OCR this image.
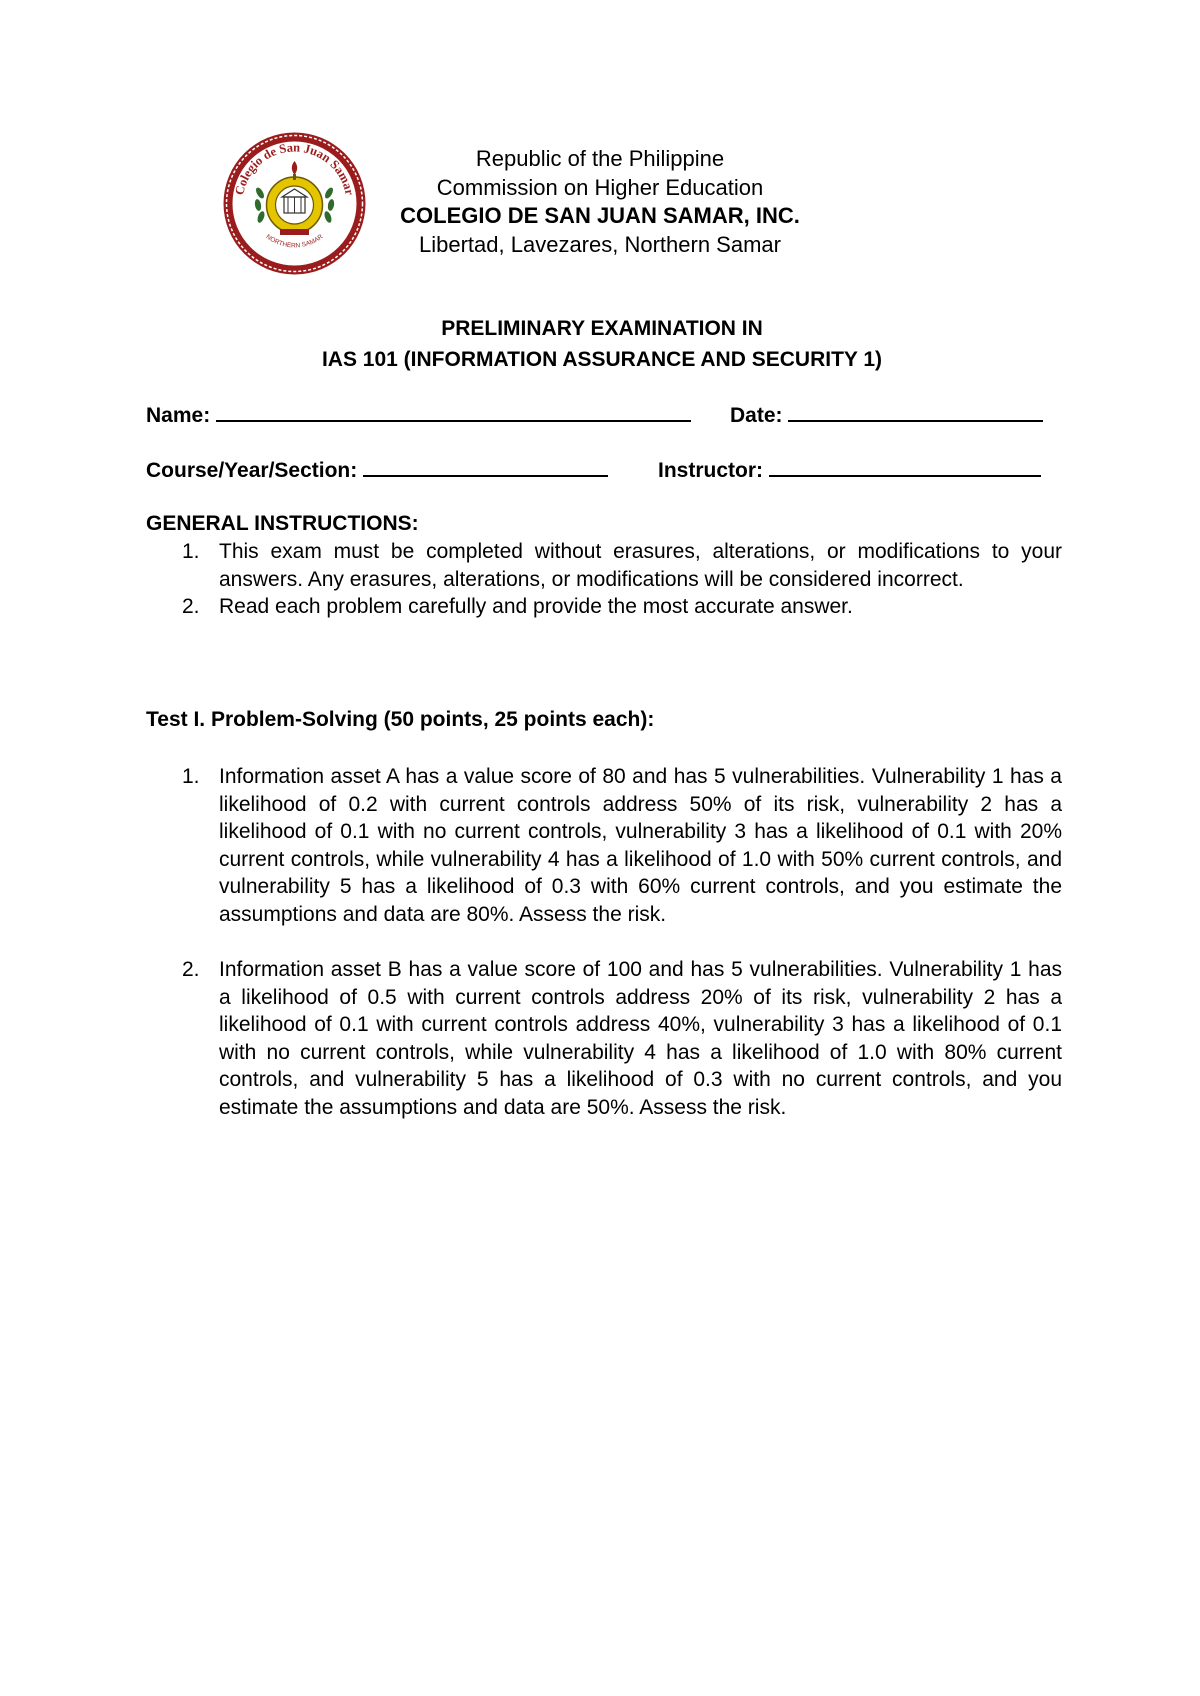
Colegio de San Juan Samar
NORTHERN SAMAR
Republic of the Philippine
Commission on Higher Education
COLEGIO DE SAN JUAN SAMAR, INC.
Libertad, Lavezares, Northern Samar
PRELIMINARY EXAMINATION IN
IAS 101 (INFORMATION ASSURANCE AND SECURITY 1)
Name:	Date:
Course/Year/Section:	Instructor:
GENERAL INSTRUCTIONS:
1. This exam must be completed without erasures, alterations, or modifications to your answers. Any erasures, alterations, or modifications will be considered incorrect.
2. Read each problem carefully and provide the most accurate answer.
Test I. Problem-Solving (50 points, 25 points each):
1. Information asset A has a value score of 80 and has 5 vulnerabilities. Vulnerability 1 has a likelihood of 0.2 with current controls address 50% of its risk, vulnerability 2 has a likelihood of 0.1 with no current controls, vulnerability 3 has a likelihood of 0.1 with 20% current controls, while vulnerability 4 has a likelihood of 1.0 with 50% current controls, and vulnerability 5 has a likelihood of 0.3 with 60% current controls, and you estimate the assumptions and data are 80%. Assess the risk.
2. Information asset B has a value score of 100 and has 5 vulnerabilities. Vulnerability 1 has a likelihood of 0.5 with current controls address 20% of its risk, vulnerability 2 has a likelihood of 0.1 with current controls address 40%, vulnerability 3 has a likelihood of 0.1 with no current controls, while vulnerability 4 has a likelihood of 1.0 with 80% current controls, and vulnerability 5 has a likelihood of 0.3 with no current controls, and you estimate the assumptions and data are 50%. Assess the risk.
